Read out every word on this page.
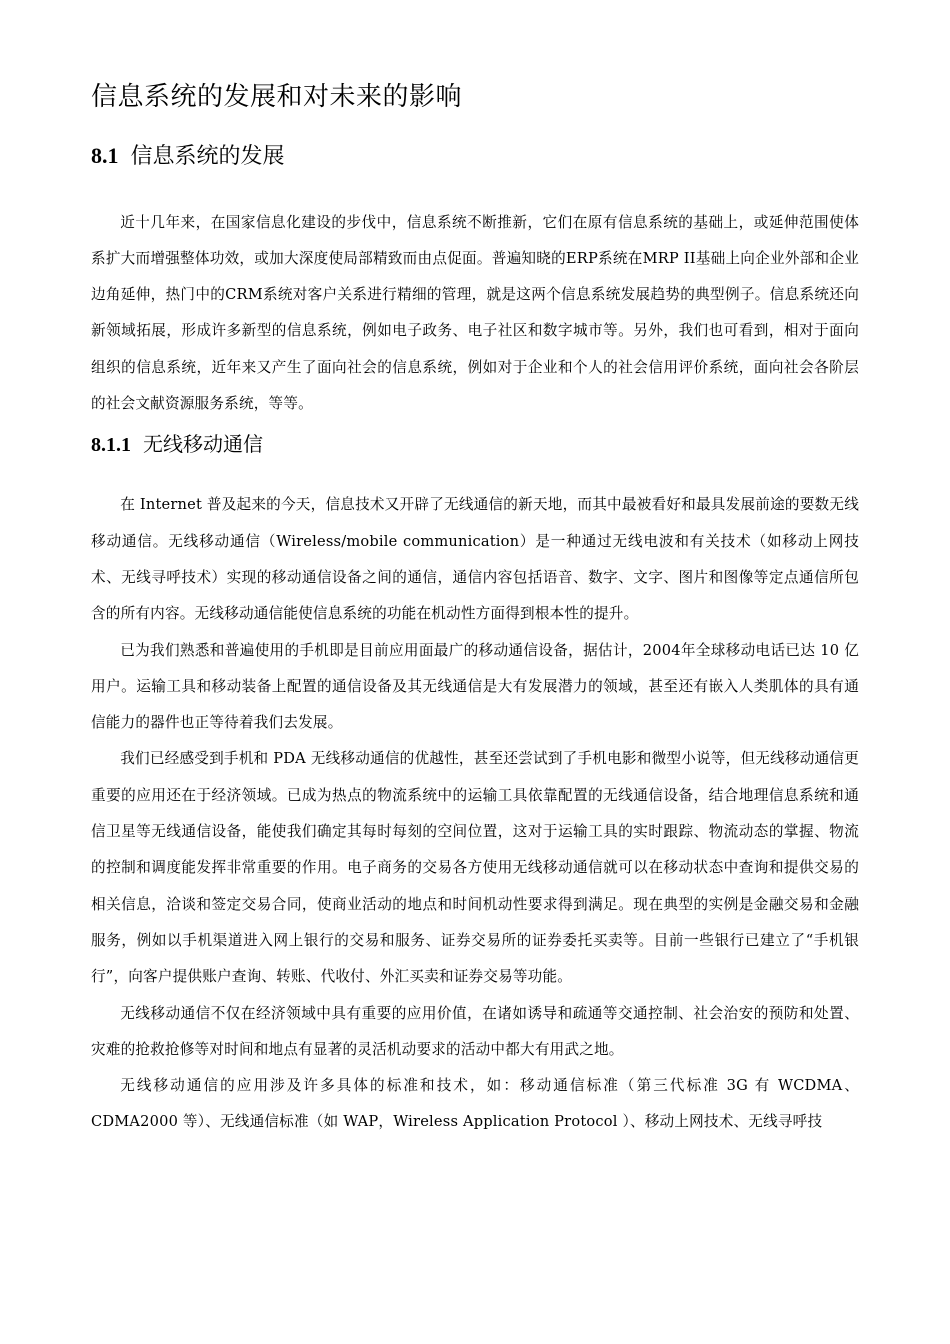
信息系统的发展和对未来的影响
8.1 信息系统的发展

近十几年来，在国家信息化建设的步伐中，信息系统不断推新，它们在原有信息系统的基础上，或延伸范围使体系扩大而增强整体功效，或加大深度使局部精致而由点促面。普遍知晓的ERP系统在MRP II基础上向企业外部和企业边角延伸，热门中的CRM系统对客户关系进行精细的管理，就是这两个信息系统发展趋势的典型例子。信息系统还向新领域拓展，形成许多新型的信息系统，例如电子政务、电子社区和数字城市等。另外，我们也可看到，相对于面向组织的信息系统，近年来又产生了面向社会的信息系统，例如对于企业和个人的社会信用评价系统，面向社会各阶层的社会文献资源服务系统，等等。

8.1.1 无线移动通信

在 Internet 普及起来的今天，信息技术又开辟了无线通信的新天地，而其中最被看好和最具发展前途的要数无线移动通信。无线移动通信（Wireless/mobile communication）是一种通过无线电波和有关技术（如移动上网技术、无线寻呼技术）实现的移动通信设备之间的通信，通信内容包括语音、数字、文字、图片和图像等定点通信所包含的所有内容。无线移动通信能使信息系统的功能在机动性方面得到根本性的提升。

已为我们熟悉和普遍使用的手机即是目前应用面最广的移动通信设备，据估计，2004年全球移动电话已达 10 亿用户。运输工具和移动装备上配置的通信设备及其无线通信是大有发展潜力的领域，甚至还有嵌入人类肌体的具有通信能力的器件也正等待着我们去发展。

我们已经感受到手机和 PDA 无线移动通信的优越性，甚至还尝试到了手机电影和微型小说等，但无线移动通信更重要的应用还在于经济领域。已成为热点的物流系统中的运输工具依靠配置的无线通信设备，结合地理信息系统和通信卫星等无线通信设备，能使我们确定其每时每刻的空间位置，这对于运输工具的实时跟踪、物流动态的掌握、物流的控制和调度能发挥非常重要的作用。电子商务的交易各方使用无线移动通信就可以在移动状态中查询和提供交易的相关信息，洽谈和签定交易合同，使商业活动的地点和时间机动性要求得到满足。现在典型的实例是金融交易和金融服务，例如以手机渠道进入网上银行的交易和服务、证券交易所的证券委托买卖等。目前一些银行已建立了“手机银行”，向客户提供账户查询、转账、代收付、外汇买卖和证券交易等功能。

无线移动通信不仅在经济领域中具有重要的应用价值，在诸如诱导和疏通等交通控制、社会治安的预防和处置、灾难的抢救抢修等对时间和地点有显著的灵活机动要求的活动中都大有用武之地。

无线移动通信的应用涉及许多具体的标准和技术，如：移动通信标准（第三代标准 3G 有 WCDMA、CDMA2000 等）、无线通信标准（如 WAP，Wireless Application Protocol ）、移动上网技术、无线寻呼技
